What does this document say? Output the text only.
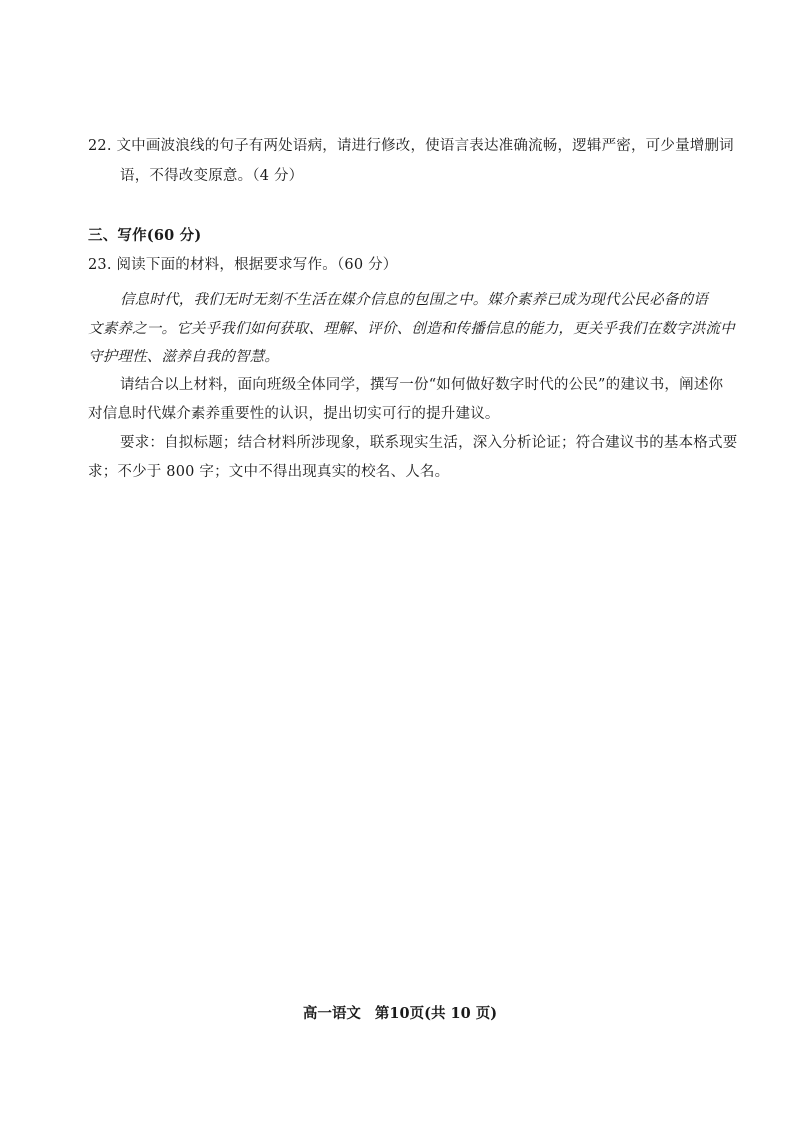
22. 文中画波浪线的句子有两处语病，请进行修改，使语言表达准确流畅，逻辑严密，可少量增删词
语，不得改变原意。（4 分）
三、写作(60 分)
23. 阅读下面的材料，根据要求写作。（60 分）
信息时代，我们无时无刻不生活在媒介信息的包围之中。媒介素养已成为现代公民必备的语
文素养之一。它关乎我们如何获取、理解、评价、创造和传播信息的能力，更关乎我们在数字洪流中
守护理性、滋养自我的智慧。
请结合以上材料，面向班级全体同学，撰写一份“如何做好数字时代的公民”的建议书，阐述你
对信息时代媒介素养重要性的认识，提出切实可行的提升建议。
要求：自拟标题；结合材料所涉现象，联系现实生活，深入分析论证；符合建议书的基本格式要
求；不少于 800 字；文中不得出现真实的校名、人名。
高一语文 第10页(共 10 页)
